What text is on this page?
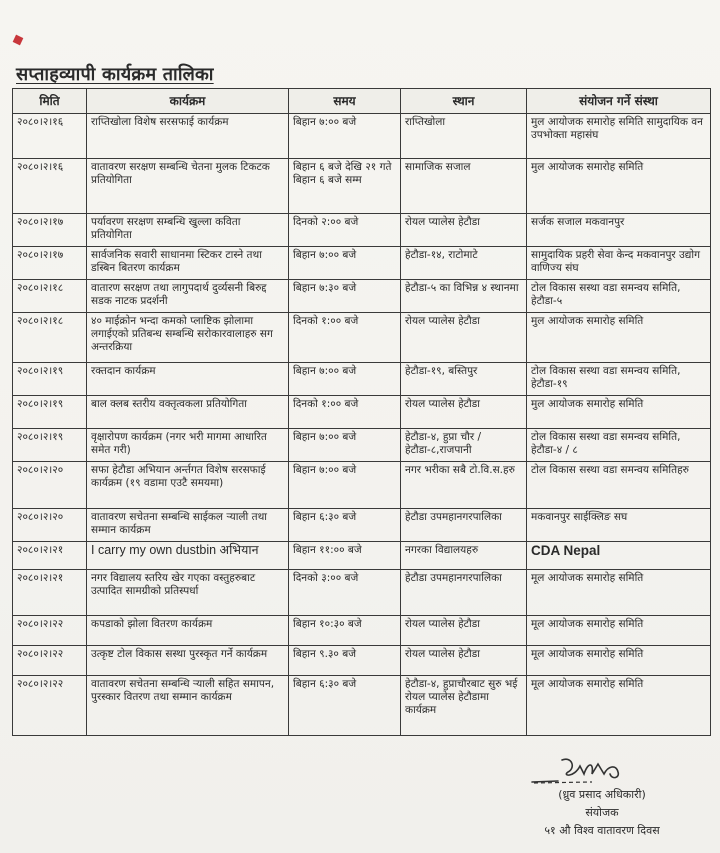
सप्ताहव्यापी कार्यक्रम तालिका
मिति	कार्यक्रम	समय	स्थान	संयोजन गर्ने संस्था
२०८०।२।१६	राप्तिखोला विशेष सरसफाई कार्यक्रम	बिहान ७:०० बजे	राप्तिखोला	मुल आयोजक समारोह समिति सामुदायिक वन उपभोक्ता महासंघ
२०८०।२।१६	वातावरण सरक्षण सम्बन्धि चेतना मुलक टिकटक प्रतियोगिता	बिहान ६ बजे देखि २१ गते बिहान ६ बजे सम्म	सामाजिक सजाल	मुल आयोजक समारोह समिति
२०८०।२।१७	पर्यावरण सरक्षण सम्बन्धि खुल्ला कविता प्रतियोगिता	दिनको २:०० बजे	रोयल प्यालेस हेटौडा	सर्जक सजाल मकवानपुर
२०८०।२।१७	सार्वजनिक सवारी साधानमा स्टिकर टास्ने तथा डस्बिन बितरण कार्यक्रम	बिहान ७:०० बजे	हेटौडा-१४, राटोमाटे	सामुदायिक प्रहरी सेवा केन्द मकवानपुर उद्योग वाणिज्य संघ
२०८०।२।१८	वातारण सरक्षण तथा लागुपदार्थ दुर्व्यसनी बिरुद्द सडक नाटक प्रदर्शनी	बिहान ७:३० बजे	हेटौडा-५ का विभिन्न ४ स्थानमा	टोल विकास सस्था वडा समन्वय समिति, हेटौडा-५
२०८०।२।१८	४० माईक्रोन भन्दा कमको प्लाष्टिक झोलामा लगाईएको प्रतिबन्ध सम्बन्धि सरोकारवालाहरु सग अन्तरक्रिया	दिनको १:०० बजे	रोयल प्यालेस हेटौडा	मुल आयोजक समारोह समिति
२०८०।२।१९	रक्तदान कार्यक्रम	बिहान ७:०० बजे	हेटौडा-१९, बस्तिपुर	टोल विकास सस्था वडा समन्वय समिति, हेटौडा-१९
२०८०।२।१९	बाल क्लब स्तरीय वक्तृत्वकला प्रतियोगिता	दिनको १:०० बजे	रोयल प्यालेस हेटौडा	मुल आयोजक समारोह समिति
२०८०।२।१९	वृक्षारोपण कार्यक्रम (नगर भरी मागमा आधारित समेत गरी)	बिहान ७:०० बजे	हेटौडा-४, हुप्रा चौर / हेटौडा-८,राजपानी	टोल विकास सस्था वडा समन्वय समिति, हेटौडा-४ / ८
२०८०।२।२०	सफा हेटौडा अभियान अर्न्तगत विशेष सरसफाई कार्यक्रम (१९ वडामा एउटै समयमा)	बिहान ७:०० बजे	नगर भरीका सबै टो.वि.स.हरु	टोल विकास सस्था वडा समन्वय समितिहरु
२०८०।२।२०	वातावरण सचेतना सम्बन्धि साईकल र्‍याली तथा सम्मान कार्यक्रम	बिहान ६:३० बजे	हेटौडा उपमहानगरपालिका	मकवानपुर साईक्लिङ सघ
२०८०।२।२१	I carry my own dustbin अभियान	बिहान ११:०० बजे	नगरका विद्यालयहरु	CDA Nepal
२०८०।२।२१	नगर विद्यालय स्तरिय खेर गएका वस्तुहरुबाट उत्पादित सामग्रीको प्रतिस्पर्धा	दिनको ३:०० बजे	हेटौडा उपमहानगरपालिका	मूल आयोजक समारोह समिति
२०८०।२।२२	कपडाको झोला वितरण कार्यक्रम	बिहान १०:३० बजे	रोयल प्यालेस हेटौडा	मूल आयोजक समारोह समिति
२०८०।२।२२	उत्कृष्ट टोल विकास सस्था पुरस्कृत गर्ने कार्यक्रम	बिहान ९.३० बजे	रोयल प्यालेस हेटौडा	मूल आयोजक समारोह समिति
२०८०।२।२२	वातावरण सचेतना सम्बन्धि र्‍याली सहित समापन, पुरस्कार वितरण तथा सम्मान कार्यक्रम	बिहान ६:३० बजे	हेटौडा-४, हुप्राचौरबाट सुरु भई रोयल प्यालेस हेटौडामा कार्यक्रम	मूल आयोजक समारोह समिति
(ध्रुव प्रसाद अधिकारी)
संयोजक
५१ औ विश्व वातावरण दिवस
